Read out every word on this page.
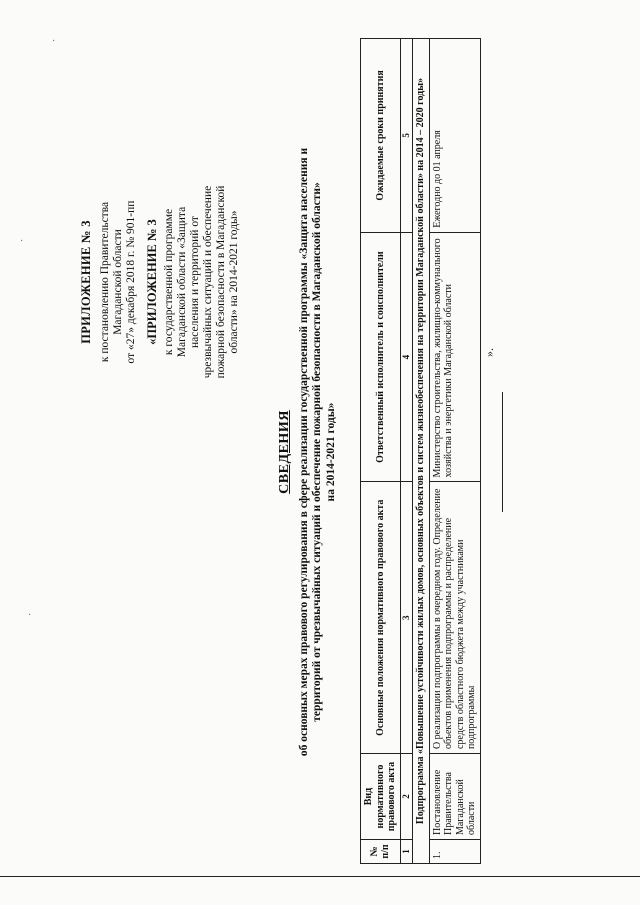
·
·
·
ПРИЛОЖЕНИЕ № 3 к постановлению Правительства Магаданской области от «27» декабря 2018 г. № 901-пп «ПРИЛОЖЕНИЕ № 3 к государственной программе Магаданской области «Защита населения и территорий от чрезвычайных ситуаций и обеспечение пожарной безопасности в Магаданской области» на 2014-2021 годы»
СВЕДЕНИЯ об основных мерах правового регулирования в сфере реализации государственной программы «Защита населения и территорий от чрезвычайных ситуаций и обеспечение пожарной безопасности в Магаданской области» на 2014-2021 годы»
№ п/п	Вид нормативного правового акта	Основные положения нормативного правового акта	Ответственный исполнитель и соисполнители	Ожидаемые сроки принятия
1	2	3	4	5
Подпрограмма «Повышение устойчивости жилых домов, основных объектов и систем жизнеобеспечения на территории Магаданской области» на 2014 – 2020 годы»				
1.	Постановление Правительства Магаданской области	О реализации подпрограммы в очередном году. Определение объектов применения подпрограммы и распределение средств областного бюджета между участниками подпрограммы	Министерство строительства, жилищно-коммунального хозяйства и энергетики Магаданской области	Ежегодно до 01 апреля
».
